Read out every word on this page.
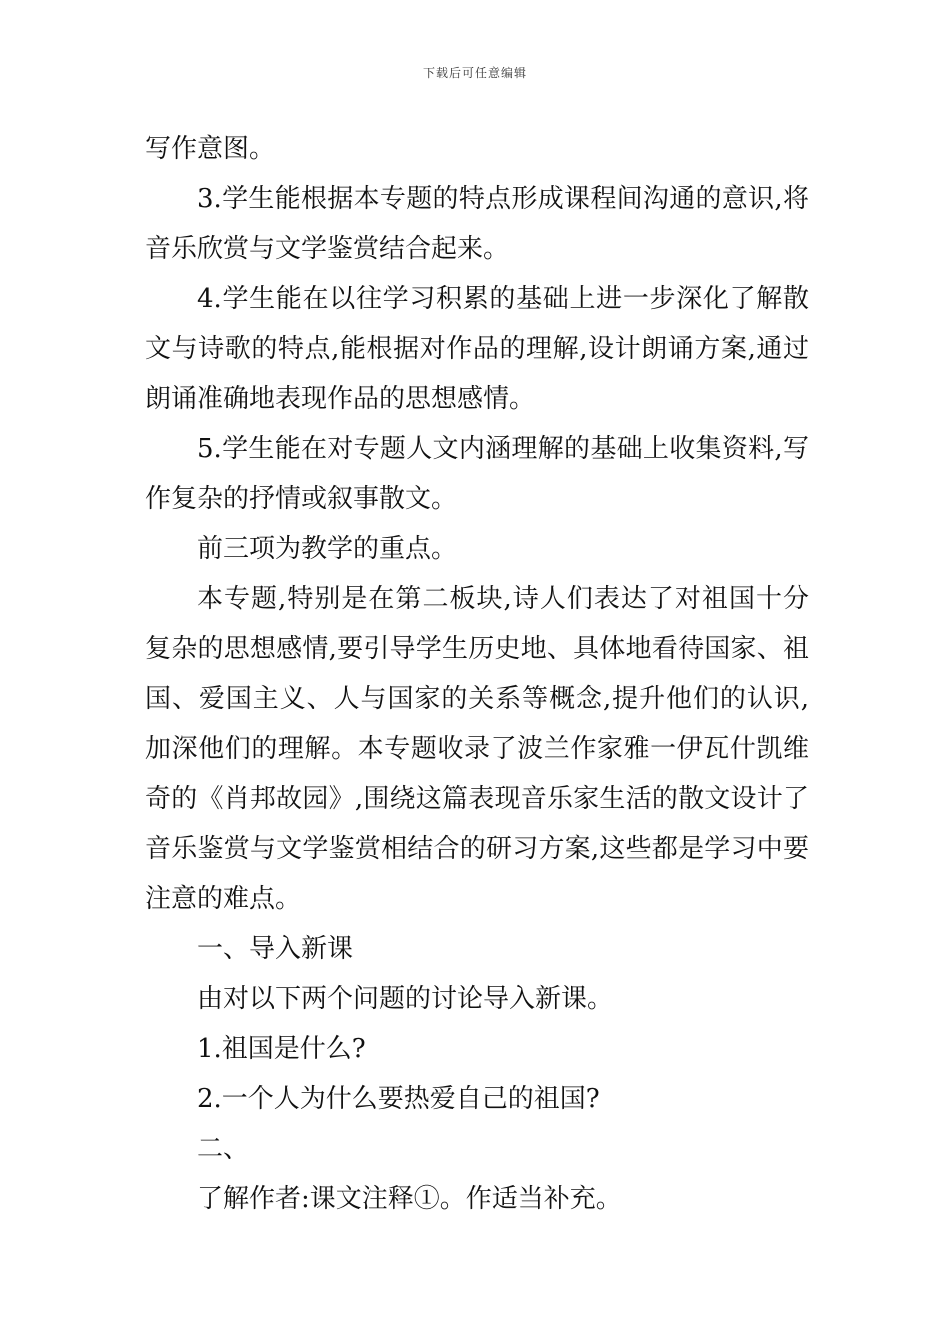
下载后可任意编辑
写作意图。
3.学生能根据本专题的特点形成课程间沟通的意识,将
音乐欣赏与文学鉴赏结合起来。
4.学生能在以往学习积累的基础上进一步深化了解散
文与诗歌的特点,能根据对作品的理解,设计朗诵方案,通过
朗诵准确地表现作品的思想感情。
5.学生能在对专题人文内涵理解的基础上收集资料,写
作复杂的抒情或叙事散文。
前三项为教学的重点。
本专题,特别是在第二板块,诗人们表达了对祖国十分
复杂的思想感情,要引导学生历史地、具体地看待国家、祖
国、爱国主义、人与国家的关系等概念,提升他们的认识,
加深他们的理解。本专题收录了波兰作家雅一伊瓦什凯维
奇的《肖邦故园》,围绕这篇表现音乐家生活的散文设计了
音乐鉴赏与文学鉴赏相结合的研习方案,这些都是学习中要
注意的难点。
一、导入新课
由对以下两个问题的讨论导入新课。
1.祖国是什么?
2.一个人为什么要热爱自己的祖国?
二、
了解作者:课文注释①。作适当补充。
